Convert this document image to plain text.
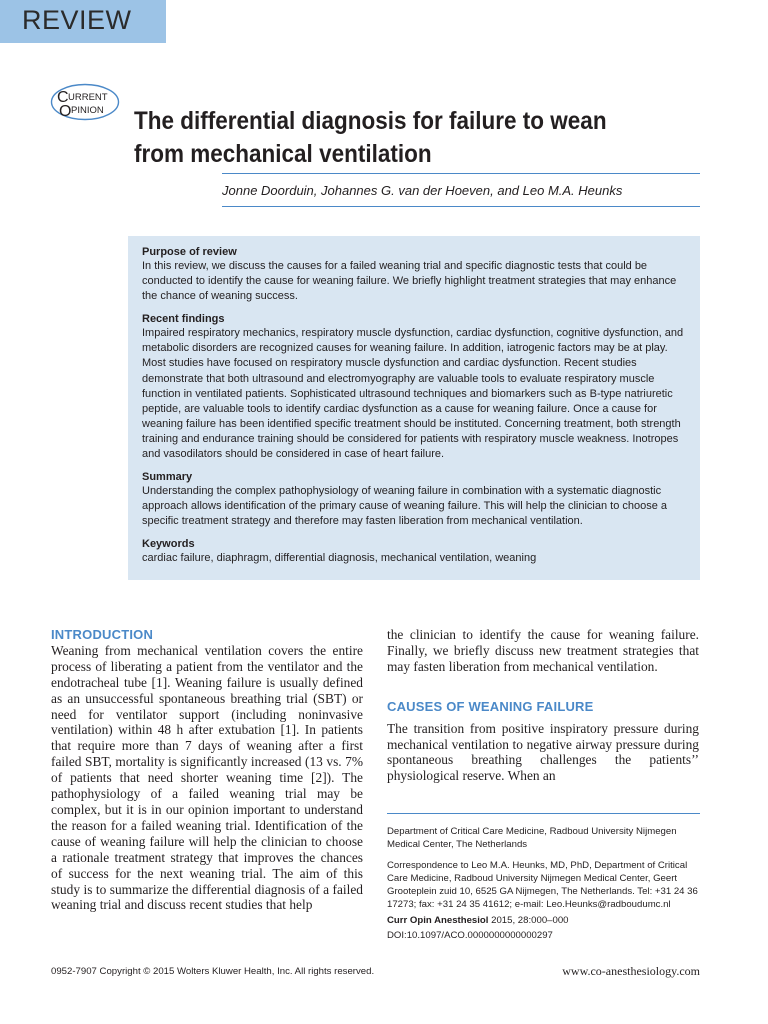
REVIEW
C URRENT
O PINION The differential diagnosis for failure to wean from mechanical ventilation
Jonne Doorduin, Johannes G. van der Hoeven, and Leo M.A. Heunks
Purpose of review

In this review, we discuss the causes for a failed weaning trial and specific diagnostic tests that could be conducted to identify the cause for weaning failure. We briefly highlight treatment strategies that may enhance the chance of weaning success.

Recent findings

Impaired respiratory mechanics, respiratory muscle dysfunction, cardiac dysfunction, cognitive dysfunction, and metabolic disorders are recognized causes for weaning failure. In addition, iatrogenic factors may be at play. Most studies have focused on respiratory muscle dysfunction and cardiac dysfunction. Recent studies demonstrate that both ultrasound and electromyography are valuable tools to evaluate respiratory muscle function in ventilated patients. Sophisticated ultrasound techniques and biomarkers such as B-type natriuretic peptide, are valuable tools to identify cardiac dysfunction as a cause for weaning failure. Once a cause for weaning failure has been identified specific treatment should be instituted. Concerning treatment, both strength training and endurance training should be considered for patients with respiratory muscle weakness. Inotropes and vasodilators should be considered in case of heart failure.

Summary

Understanding the complex pathophysiology of weaning failure in combination with a systematic diagnostic approach allows identification of the primary cause of weaning failure. This will help the clinician to choose a specific treatment strategy and therefore may fasten liberation from mechanical ventilation.

Keywords

cardiac failure, diaphragm, differential diagnosis, mechanical ventilation, weaning

INTRODUCTION

Weaning from mechanical ventilation covers the entire process of liberating a patient from the ventilator and the endotracheal tube [1]. Weaning failure is usually defined as an unsuccessful spontaneous breathing trial (SBT) or need for ventilator support (including noninvasive ventilation) within 48 h after extubation [1]. In patients that require more than 7 days of weaning after a first failed SBT, mortality is significantly increased (13 vs. 7% of patients that need shorter weaning time [2]). The pathophysiology of a failed weaning trial may be complex, but it is in our opinion important to understand the reason for a failed weaning trial. Identification of the cause of weaning failure will help the clinician to choose a rationale treatment strategy that improves the chances of success for the next weaning trial. The aim of this study is to summarize the differential diagnosis of a failed weaning trial and discuss recent studies that help

the clinician to identify the cause for weaning failure. Finally, we briefly discuss new treatment strategies that may fasten liberation from mechanical ventilation.

CAUSES OF WEANING FAILURE

The transition from positive inspiratory pressure during mechanical ventilation to negative airway pressure during spontaneous breathing challenges the patients’’ physiological reserve. When an

Department of Critical Care Medicine, Radboud University Nijmegen Medical Center, The Netherlands
Correspondence to Leo M.A. Heunks, MD, PhD, Department of Critical Care Medicine, Radboud University Nijmegen Medical Center, Geert Grooteplein zuid 10, 6525 GA Nijmegen, The Netherlands. Tel: +31 24 36 17273; fax: +31 24 35 41612; e-mail: Leo.Heunks@radboudumc.nl
Curr Opin Anesthesiol 2015, 28:000–000
DOI:10.1097/ACO.0000000000000297
0952-7907 Copyright © 2015 Wolters Kluwer Health, Inc. All rights reserved.	www.co-anesthesiology.com
